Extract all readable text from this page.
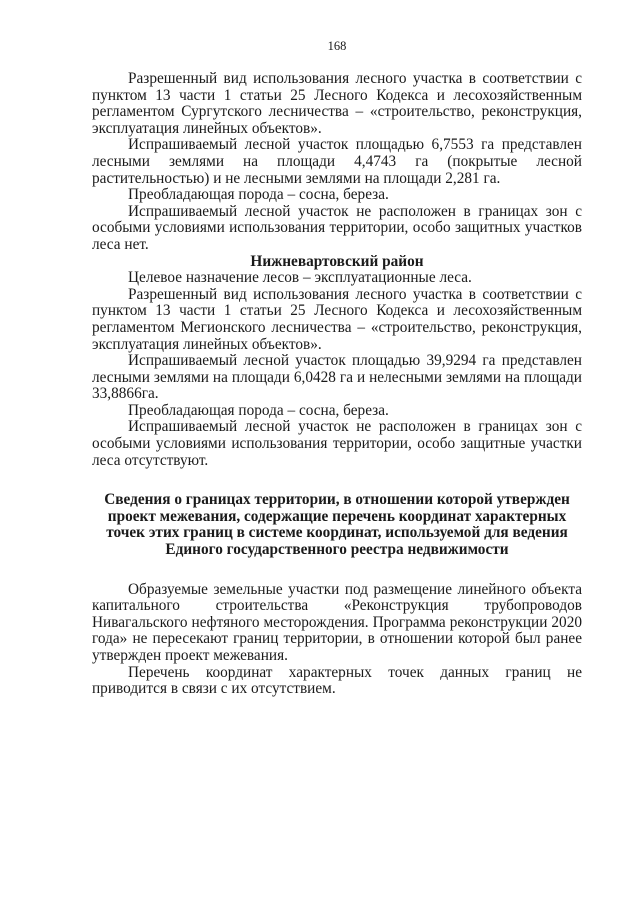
168

Разрешенный вид использования лесного участка в соответствии с пунктом 13 части 1 статьи 25 Лесного Кодекса и лесохозяйственным регламентом Сургутского лесничества – «строительство, реконструкция, эксплуатация линейных объектов».

Испрашиваемый лесной участок площадью 6,7553 га представлен лесными землями на площади 4,4743 га (покрытые лесной растительностью) и не лесными землями на площади 2,281 га.

Преобладающая порода – сосна, береза.

Испрашиваемый лесной участок не расположен в границах зон с особыми условиями использования территории, особо защитных участков леса нет.

Нижневартовский район

Целевое назначение лесов – эксплуатационные леса.

Разрешенный вид использования лесного участка в соответствии с пунктом 13 части 1 статьи 25 Лесного Кодекса и лесохозяйственным регламентом Мегионского лесничества – «строительство, реконструкция, эксплуатация линейных объектов».

Испрашиваемый лесной участок площадью 39,9294 га представлен лесными землями на площади 6,0428 га и нелесными землями на площади 33,8866га.

Преобладающая порода – сосна, береза.

Испрашиваемый лесной участок не расположен в границах зон с особыми условиями использования территории, особо защитные участки леса отсутствуют.

Сведения о границах территории, в отношении которой утвержден
проект межевания, содержащие перечень координат характерных
точек этих границ в системе координат, используемой для ведения
Единого государственного реестра недвижимости

Образуемые земельные участки под размещение линейного объекта капитального строительства «Реконструкция трубопроводов Нивагальского нефтяного месторождения. Программа реконструкции 2020 года» не пересекают границ территории, в отношении которой был ранее утвержден проект межевания.

Перечень координат характерных точек данных границ не приводится в связи с их отсутствием.
